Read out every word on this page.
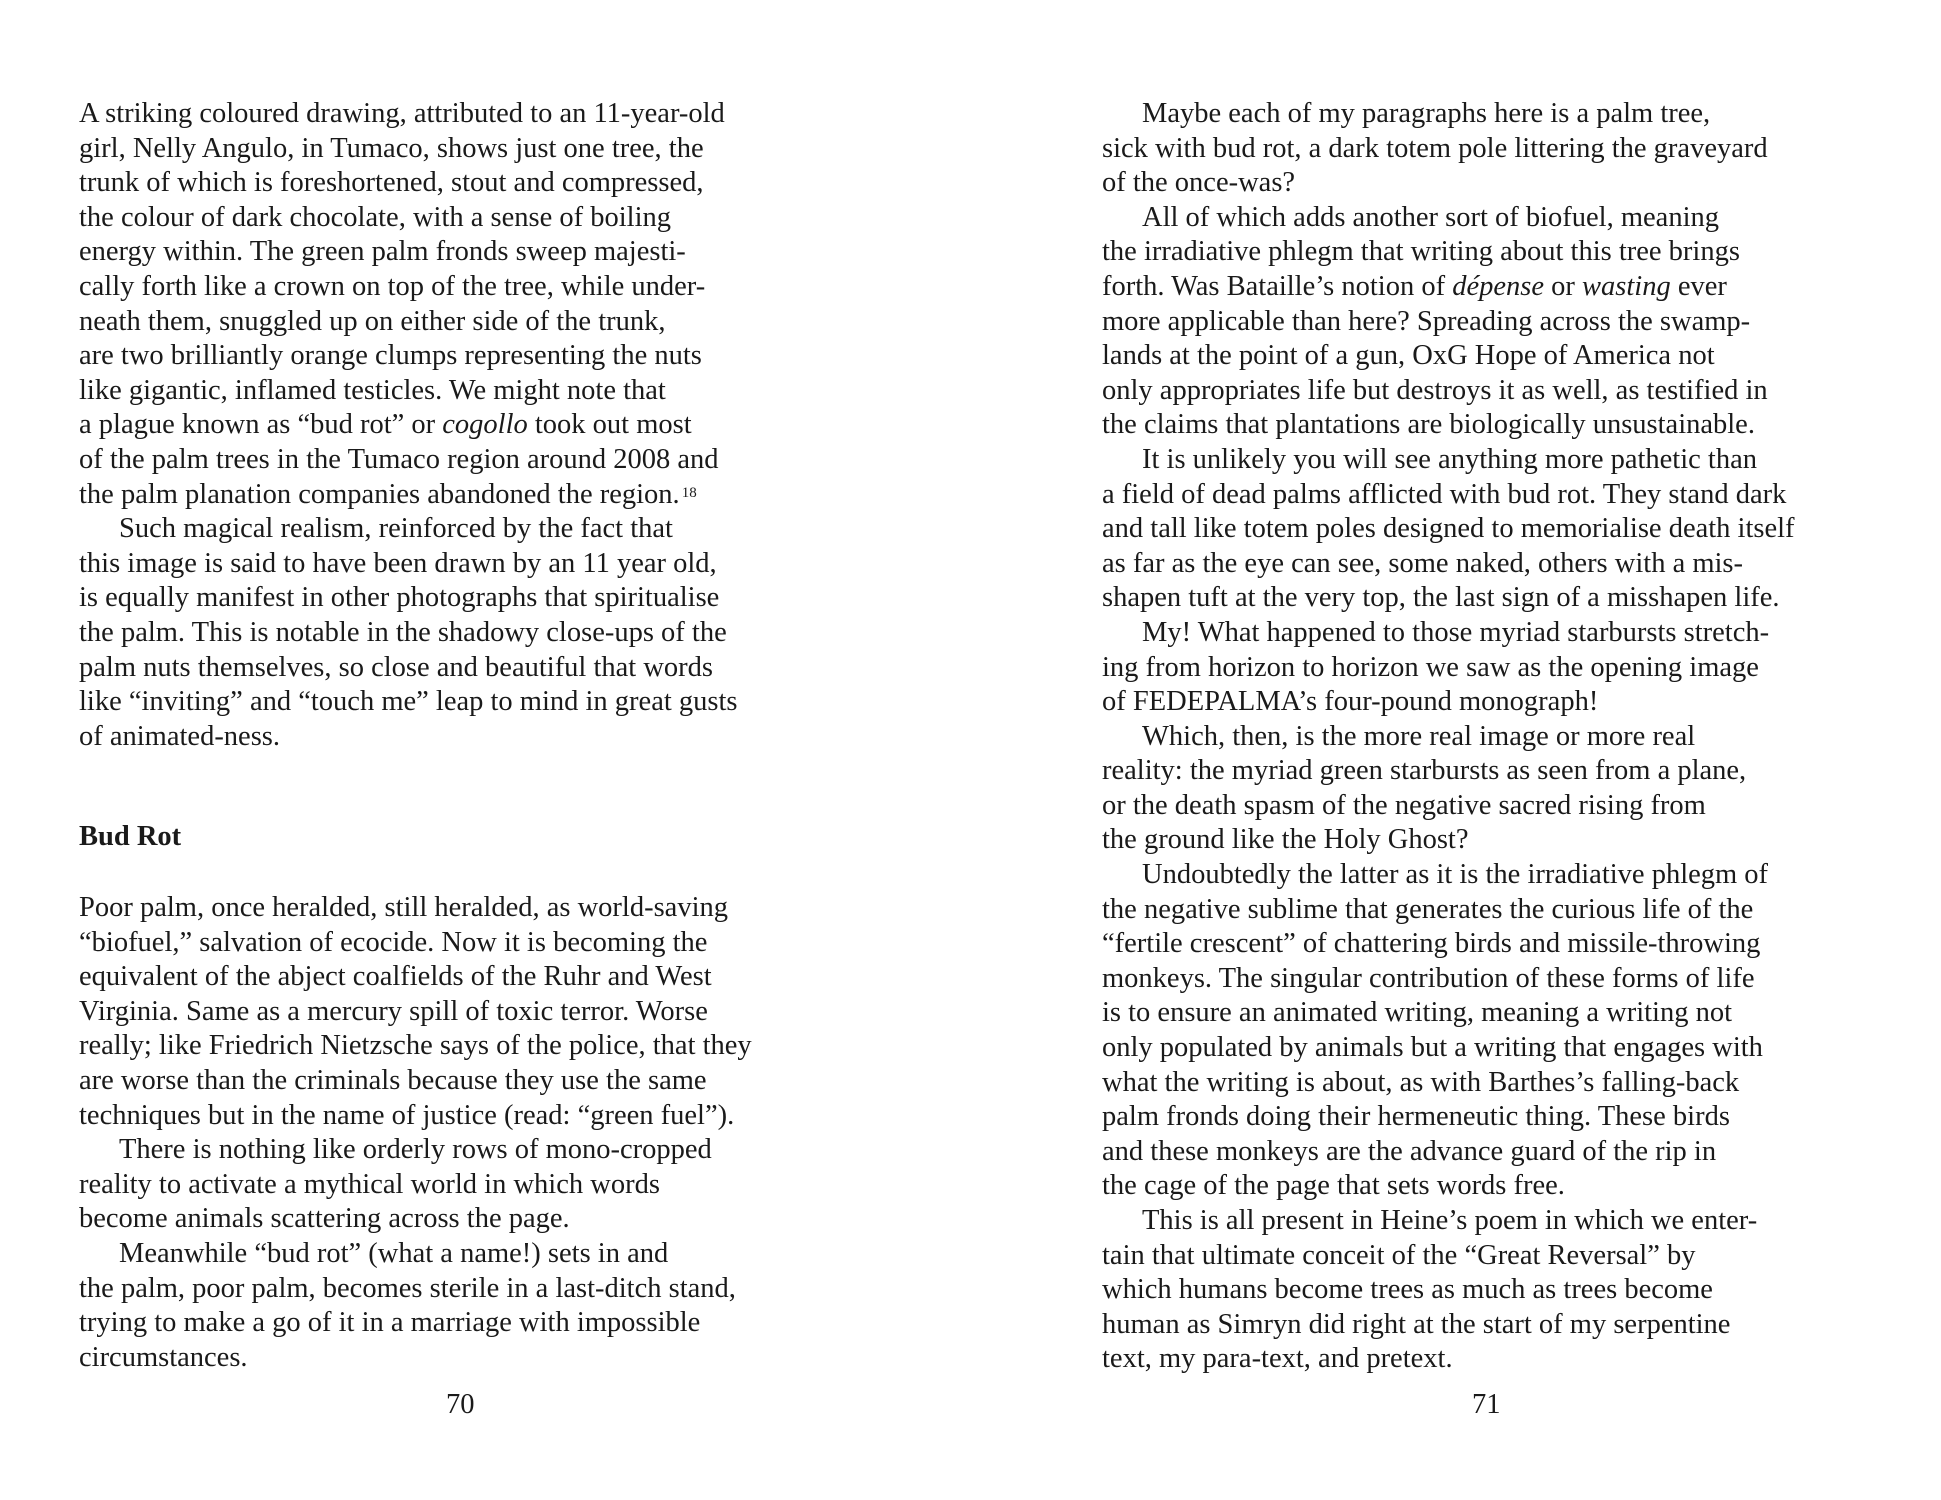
A striking coloured drawing, attributed to an 11-year-old
girl, Nelly Angulo, in Tumaco, shows just one tree, the
trunk of which is foreshortened, stout and compressed,
the colour of dark chocolate, with a sense of boiling
energy within. The green palm fronds sweep majesti-
cally forth like a crown on top of the tree, while under-
neath them, snuggled up on either side of the trunk,
are two brilliantly orange clumps representing the nuts
like gigantic, inflamed testicles. We might note that
a plague known as “bud rot” or cogollo took out most
of the palm trees in the Tumaco region around 2008 and
the palm planation companies abandoned the region. $^{18}$
Such magical realism, reinforced by the fact that
this image is said to have been drawn by an 11 year old,
is equally manifest in other photographs that spiritualise
the palm. This is notable in the shadowy close-ups of the
palm nuts themselves, so close and beautiful that words
like “inviting” and “touch me” leap to mind in great gusts
of animated-ness.
Bud Rot
Poor palm, once heralded, still heralded, as world-saving
“biofuel,” salvation of ecocide. Now it is becoming the
equivalent of the abject coalfields of the Ruhr and West
Virginia. Same as a mercury spill of toxic terror. Worse
really; like Friedrich Nietzsche says of the police, that they
are worse than the criminals because they use the same
techniques but in the name of justice (read: “green fuel”).
There is nothing like orderly rows of mono-cropped
reality to activate a mythical world in which words
become animals scattering across the page.
Meanwhile “bud rot” (what a name!) sets in and
the palm, poor palm, becomes sterile in a last-ditch stand,
trying to make a go of it in a marriage with impossible
circumstances.
70
Maybe each of my paragraphs here is a palm tree,
sick with bud rot, a dark totem pole littering the graveyard
of the once-was?
All of which adds another sort of biofuel, meaning
the irradiative phlegm that writing about this tree brings
forth. Was Bataille’s notion of dépense or wasting ever
more applicable than here? Spreading across the swamp-
lands at the point of a gun, OxG Hope of America not
only appropriates life but destroys it as well, as testified in
the claims that plantations are biologically unsustainable.
It is unlikely you will see anything more pathetic than
a field of dead palms afflicted with bud rot. They stand dark
and tall like totem poles designed to memorialise death itself
as far as the eye can see, some naked, others with a mis-
shapen tuft at the very top, the last sign of a misshapen life.
My! What happened to those myriad starbursts stretch-
ing from horizon to horizon we saw as the opening image
of FEDEPALMA’s four-pound monograph!
Which, then, is the more real image or more real
reality: the myriad green starbursts as seen from a plane,
or the death spasm of the negative sacred rising from
the ground like the Holy Ghost?
Undoubtedly the latter as it is the irradiative phlegm of
the negative sublime that generates the curious life of the
“fertile crescent” of chattering birds and missile-throwing
monkeys. The singular contribution of these forms of life
is to ensure an animated writing, meaning a writing not
only populated by animals but a writing that engages with
what the writing is about, as with Barthes’s falling-back
palm fronds doing their hermeneutic thing. These birds
and these monkeys are the advance guard of the rip in
the cage of the page that sets words free.
This is all present in Heine’s poem in which we enter-
tain that ultimate conceit of the “Great Reversal” by
which humans become trees as much as trees become
human as Simryn did right at the start of my serpentine
text, my para-text, and pretext.
71
